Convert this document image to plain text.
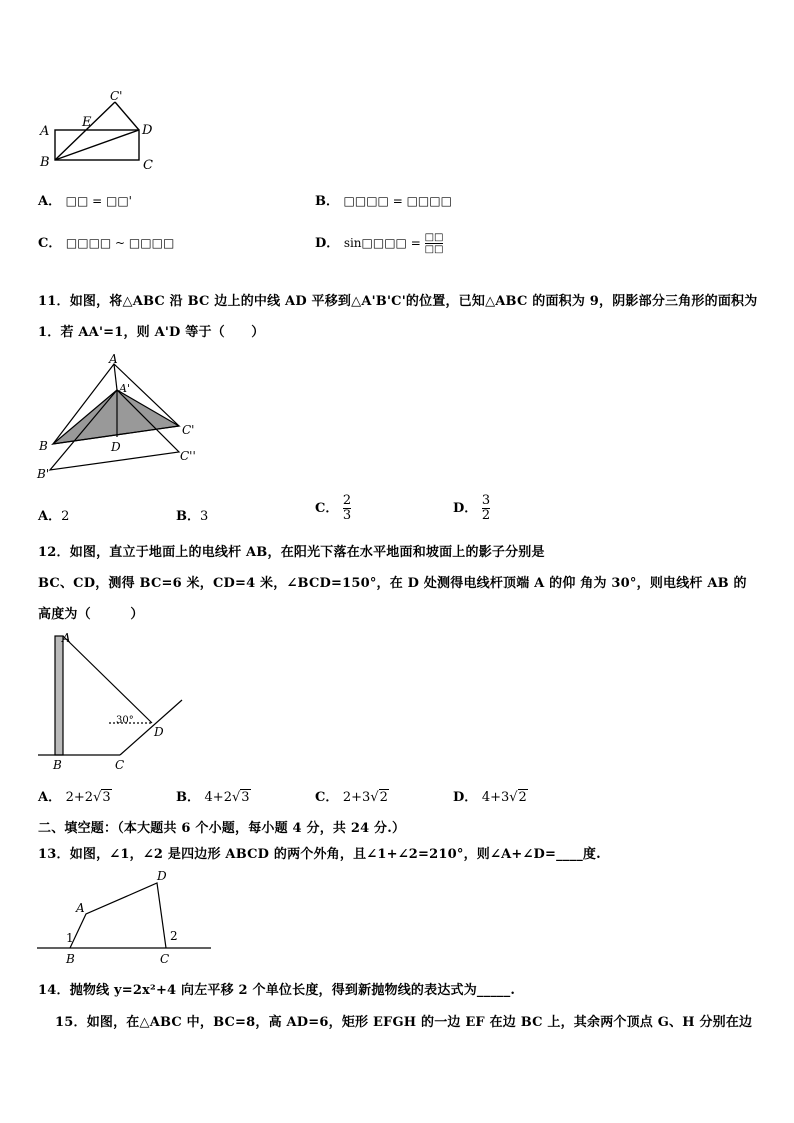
A
B	C
D
E
C'
A． □□ = □□'	B． □□□□ = □□□□
C． □□□□ ~ □□□□	D． sin□□□□ = $\frac{□□}{□□}$
11．如图，将△ABC 沿 BC 边上的中线 AD 平移到△A'B'C'的位置，已知△ABC 的面积为 9，阴影部分三角形的面积为
1．若 AA'=1，则 A'D 等于（　　）
A
A'
B
B'
C'
C''
D
A．2	B．3
C． $\frac{2}{3}$	D． $\frac{3}{2}$
12．如图，直立于地面上的电线杆 AB，在阳光下落在水平地面和坡面上的影子分别是
BC、CD，测得 BC=6 米，CD=4 米，∠BCD=150°，在 D 处测得电线杆顶端 A 的仰 角为 30°，则电线杆 AB 的
高度为（　　　）
A
B	C
D
30°
A． 2+2√3	B． 4+2√3	C． 2+3√2	D． 4+3√2
二、填空题：（本大题共 6 个小题，每小题 4 分，共 24 分.）
13．如图，∠1，∠2 是四边形 ABCD 的两个外角，且∠1+∠2=210°，则∠A+∠D=____度.
A
B	C
D
1	2
14．抛物线 y=2x²+4 向左平移 2 个单位长度，得到新抛物线的表达式为_____.
15．如图，在△ABC 中，BC=8，高 AD=6，矩形 EFGH 的一边 EF 在边 BC 上，其余两个顶点 G、H 分别在边
